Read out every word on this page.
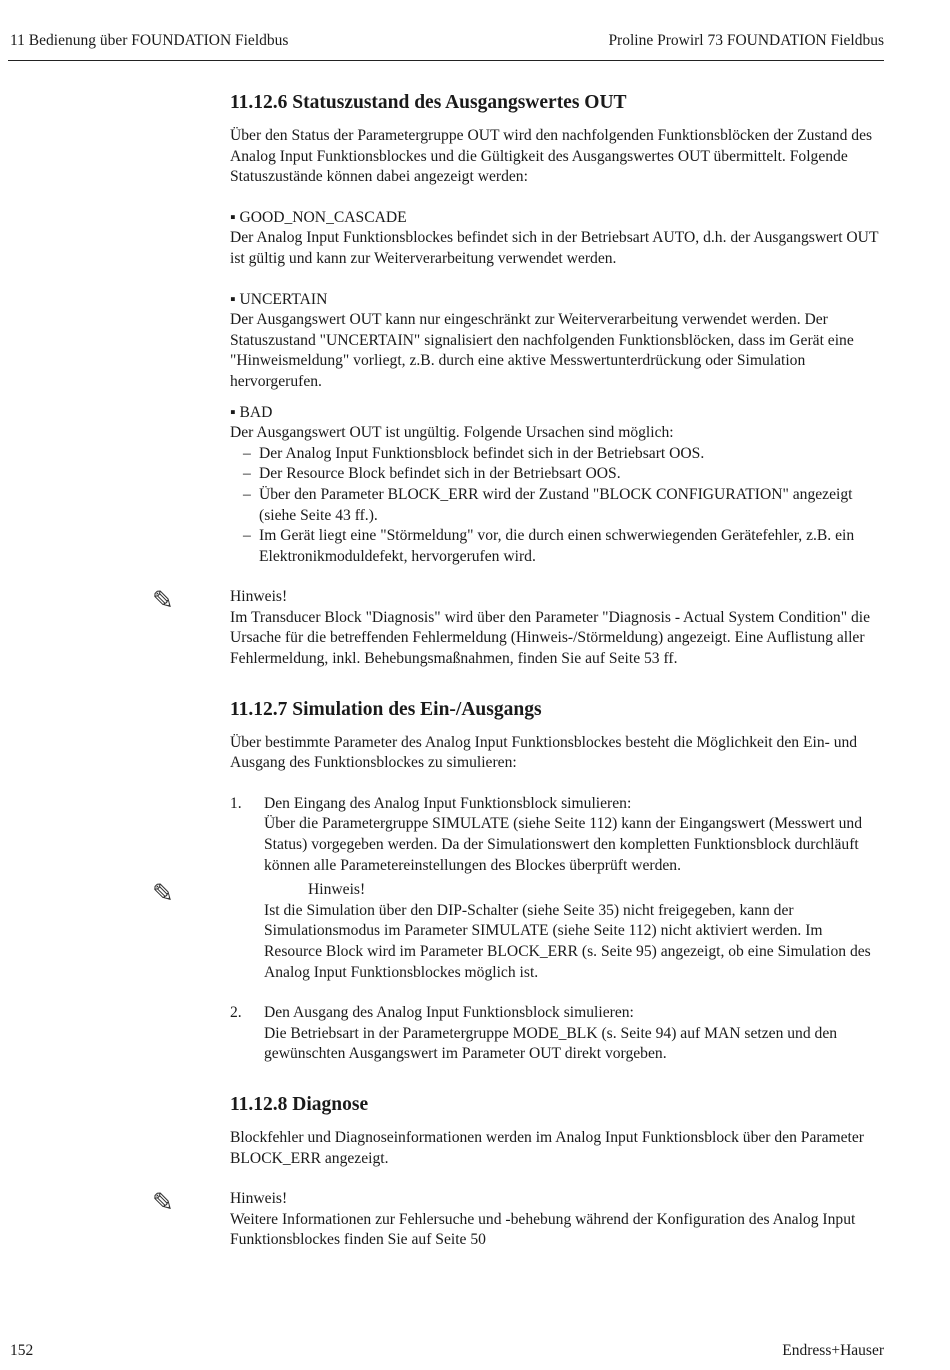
11 Bedienung über FOUNDATION Fieldbus	Proline Prowirl 73 FOUNDATION Fieldbus
11.12.6 Statuszustand des Ausgangswertes OUT

Über den Status der Parametergruppe OUT wird den nachfolgenden Funktionsblöcken der Zustand des Analog Input Funktionsblockes und die Gültigkeit des Ausgangswertes OUT übermittelt. Folgende Statuszustände können dabei angezeigt werden:

▪ GOOD_NON_CASCADE

Der Analog Input Funktionsblockes befindet sich in der Betriebsart AUTO, d.h. der Ausgangswert OUT ist gültig und kann zur Weiterverarbeitung verwendet werden.

▪ UNCERTAIN

Der Ausgangswert OUT kann nur eingeschränkt zur Weiterverarbeitung verwendet werden. Der Statuszustand "UNCERTAIN" signalisiert den nachfolgenden Funktionsblöcken, dass im Gerät eine "Hinweismeldung" vorliegt, z.B. durch eine aktive Messwertunterdrückung oder Simulation hervorgerufen.

▪ BAD

Der Ausgangswert OUT ist ungültig. Folgende Ursachen sind möglich:

– Der Analog Input Funktionsblock befindet sich in der Betriebsart OOS.
– Der Resource Block befindet sich in der Betriebsart OOS.
– Über den Parameter BLOCK_ERR wird der Zustand "BLOCK CONFIGURATION" angezeigt (siehe Seite 43 ff.).
– Im Gerät liegt eine "Störmeldung" vor, die durch einen schwerwiegenden Gerätefehler, z.B. ein Elektronikmoduldefekt, hervorgerufen wird.
✎	Hinweis!

Im Transducer Block "Diagnosis" wird über den Parameter "Diagnosis - Actual System Condition" die Ursache für die betreffenden Fehlermeldung (Hinweis-/Störmeldung) angezeigt. Eine Auflistung aller Fehlermeldung, inkl. Behebungsmaßnahmen, finden Sie auf Seite 53 ff.

11.12.7 Simulation des Ein-/Ausgangs

Über bestimmte Parameter des Analog Input Funktionsblockes besteht die Möglichkeit den Ein- und Ausgang des Funktionsblockes zu simulieren:

1. Den Eingang des Analog Input Funktionsblock simulieren:

Über die Parametergruppe SIMULATE (siehe Seite 112) kann der Eingangswert (Messwert und Status) vorgegeben werden. Da der Simulationswert den kompletten Funktionsblock durchläuft können alle Parametereinstellungen des Blockes überprüft werden.

✎	Hinweis!

Ist die Simulation über den DIP-Schalter (siehe Seite 35) nicht freigegeben, kann der Simulationsmodus im Parameter SIMULATE (siehe Seite 112) nicht aktiviert werden. Im Resource Block wird im Parameter BLOCK_ERR (s. Seite 95) angezeigt, ob eine Simulation des Analog Input Funktionsblockes möglich ist.

2. Den Ausgang des Analog Input Funktionsblock simulieren:

Die Betriebsart in der Parametergruppe MODE_BLK (s. Seite 94) auf MAN setzen und den gewünschten Ausgangswert im Parameter OUT direkt vorgeben.

11.12.8 Diagnose

Blockfehler und Diagnoseinformationen werden im Analog Input Funktionsblock über den Parameter BLOCK_ERR angezeigt.

✎	Hinweis!

Weitere Informationen zur Fehlersuche und -behebung während der Konfiguration des Analog Input Funktionsblockes finden Sie auf Seite 50

152	Endress+Hauser
